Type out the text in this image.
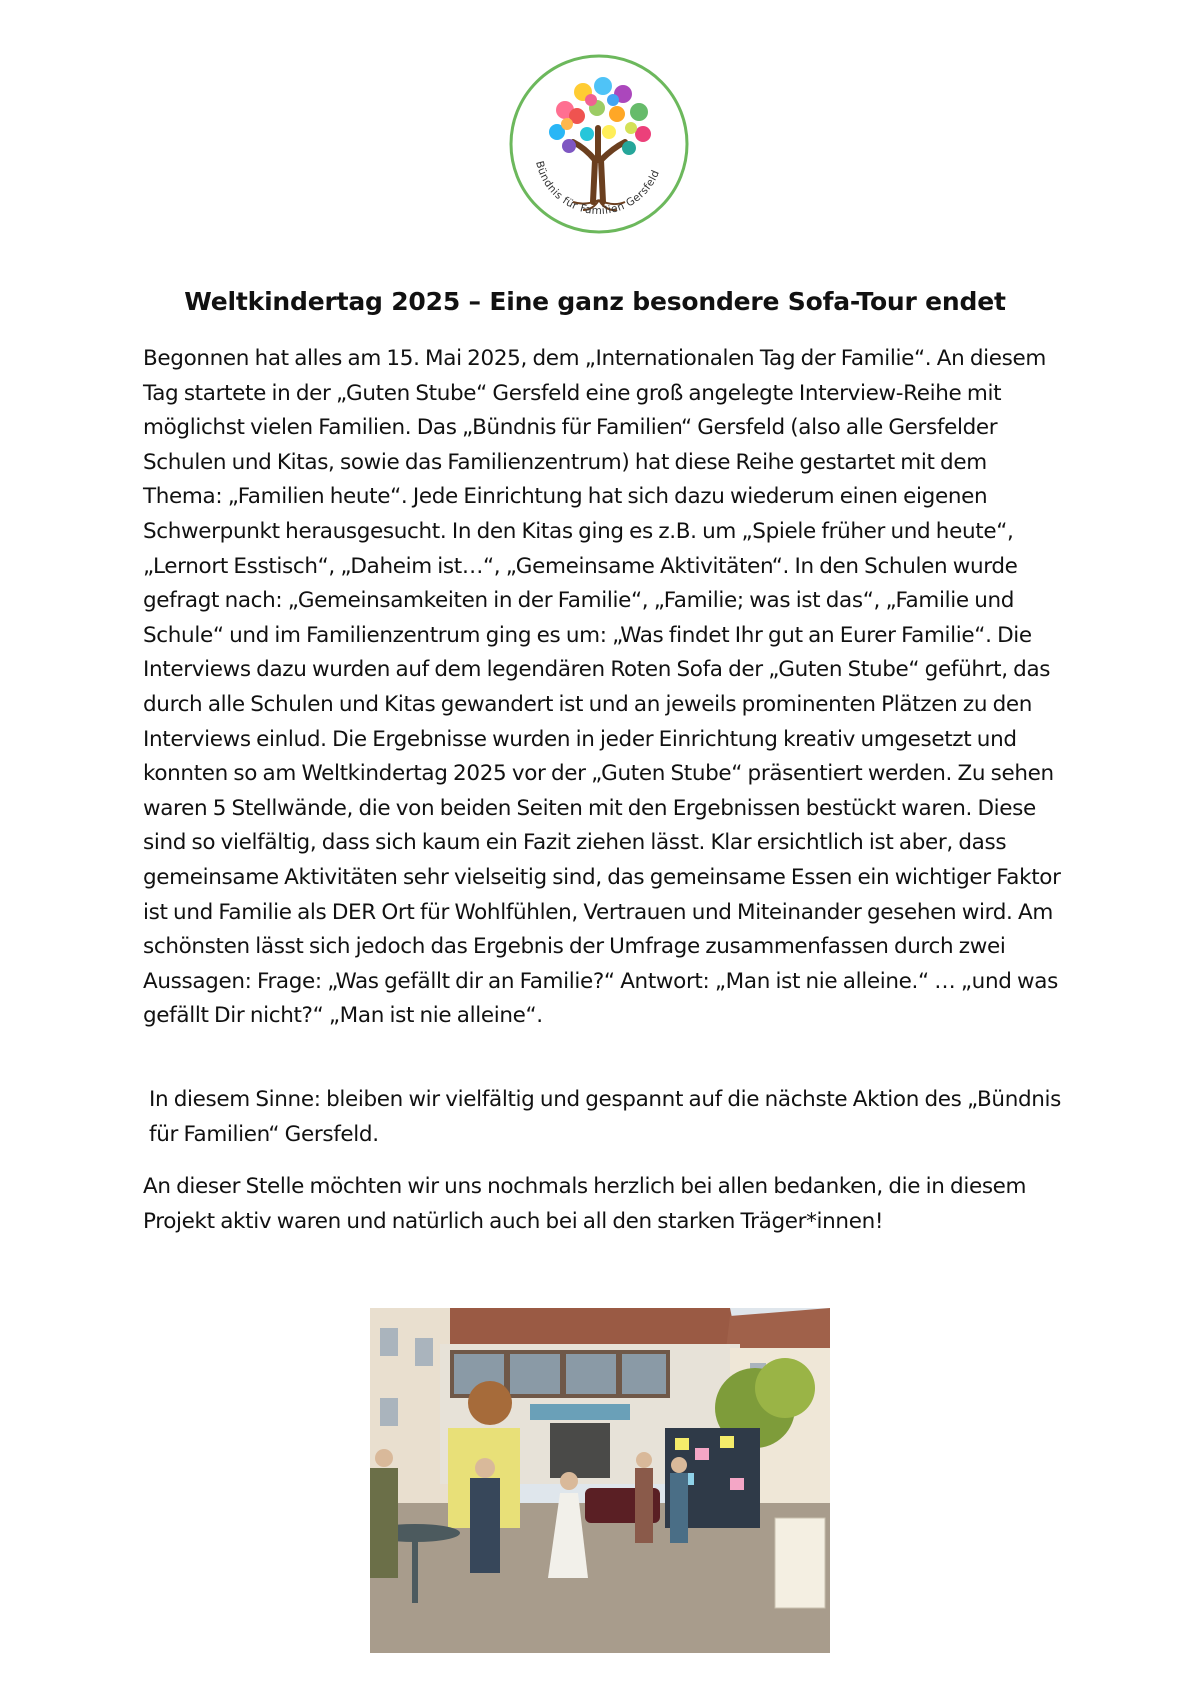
Bündnis für Familien Gersfeld
Weltkindertag 2025 – Eine ganz besondere Sofa-Tour endet

Begonnen hat alles am 15. Mai 2025, dem „Internationalen Tag der Familie“. An diesem Tag startete in der „Guten Stube“ Gersfeld eine groß angelegte Interview-Reihe mit möglichst vielen Familien. Das „Bündnis für Familien“ Gersfeld (also alle Gersfelder Schulen und Kitas, sowie das Familienzentrum) hat diese Reihe gestartet mit dem Thema: „Familien heute“. Jede Einrichtung hat sich dazu wiederum einen eigenen Schwerpunkt herausgesucht. In den Kitas ging es z.B. um „Spiele früher und heute“, „Lernort Esstisch“, „Daheim ist…“, „Gemeinsame Aktivitäten“. In den Schulen wurde gefragt nach: „Gemeinsamkeiten in der Familie“, „Familie; was ist das“, „Familie und Schule“ und im Familienzentrum ging es um: „Was findet Ihr gut an Eurer Familie“. Die Interviews dazu wurden auf dem legendären Roten Sofa der „Guten Stube“ geführt, das durch alle Schulen und Kitas gewandert ist und an jeweils prominenten Plätzen zu den Interviews einlud. Die Ergebnisse wurden in jeder Einrichtung kreativ umgesetzt und konnten so am Weltkindertag 2025 vor der „Guten Stube“ präsentiert werden. Zu sehen waren 5 Stellwände, die von beiden Seiten mit den Ergebnissen bestückt waren. Diese sind so vielfältig, dass sich kaum ein Fazit ziehen lässt. Klar ersichtlich ist aber, dass gemeinsame Aktivitäten sehr vielseitig sind, das gemeinsame Essen ein wichtiger Faktor ist und Familie als DER Ort für Wohlfühlen, Vertrauen und Miteinander gesehen wird. Am schönsten lässt sich jedoch das Ergebnis der Umfrage zusammenfassen durch zwei Aussagen: Frage: „Was gefällt dir an Familie?“ Antwort: „Man ist nie alleine.“ … „und was gefällt Dir nicht?“ „Man ist nie alleine“.

In diesem Sinne: bleiben wir vielfältig und gespannt auf die nächste Aktion des „Bündnis für Familien“ Gersfeld.

An dieser Stelle möchten wir uns nochmals herzlich bei allen bedanken, die in diesem Projekt aktiv waren und natürlich auch bei all den starken Träger*innen!
